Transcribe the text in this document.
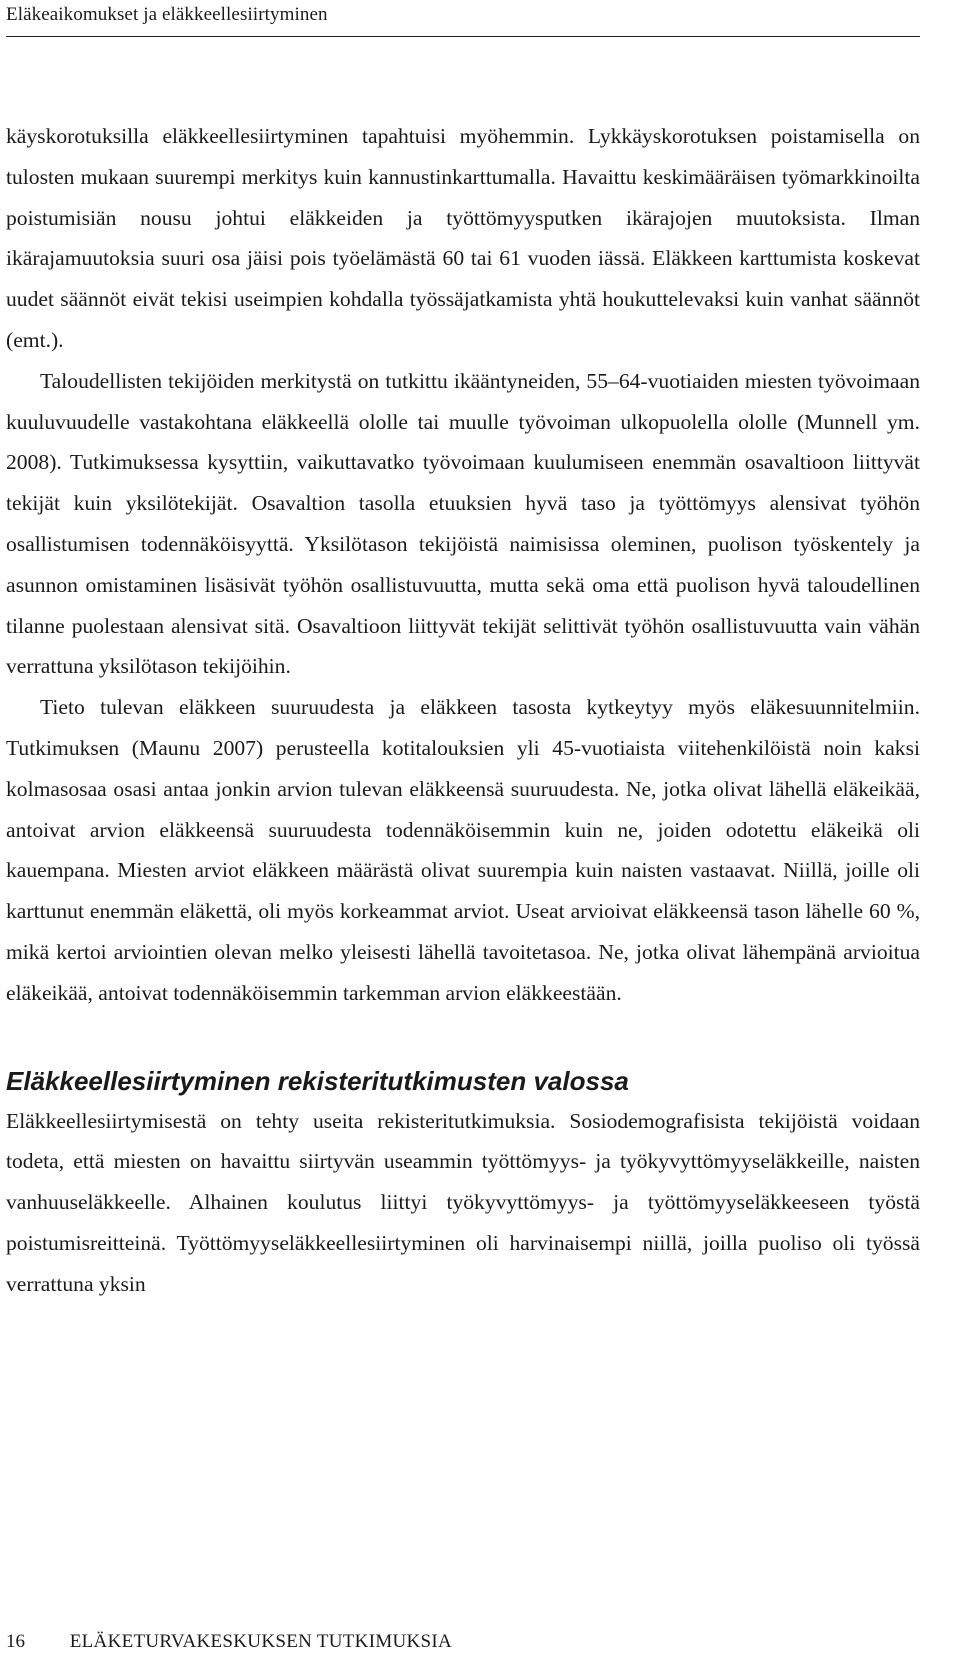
Eläkeaikomukset ja eläkkeellesiirtyminen

käyskorotuksilla eläkkeellesiirtyminen tapahtuisi myöhemmin. Lykkäyskorotuksen poistamisella on tulosten mukaan suurempi merkitys kuin kannustinkarttumalla. Havaittu keskimääräisen työmarkkinoilta poistumisiän nousu johtui eläkkeiden ja työttömyysputken ikärajojen muutoksista. Ilman ikärajamuutoksia suuri osa jäisi pois työelämästä 60 tai 61 vuoden iässä. Eläkkeen karttumista koskevat uudet säännöt eivät tekisi useimpien kohdalla työssäjatkamista yhtä houkuttelevaksi kuin vanhat säännöt (emt.).

Taloudellisten tekijöiden merkitystä on tutkittu ikääntyneiden, 55–64-vuotiaiden miesten työvoimaan kuuluvuudelle vastakohtana eläkkeellä ololle tai muulle työvoiman ulkopuolella ololle (Munnell ym. 2008). Tutkimuksessa kysyttiin, vaikuttavatko työvoimaan kuulumiseen enemmän osavaltioon liittyvät tekijät kuin yksilötekijät. Osavaltion tasolla etuuksien hyvä taso ja työttömyys alensivat työhön osallistumisen todennäköisyyttä. Yksilötason tekijöistä naimisissa oleminen, puolison työskentely ja asunnon omistaminen lisäsivät työhön osallistuvuutta, mutta sekä oma että puolison hyvä taloudellinen tilanne puolestaan alensivat sitä. Osavaltioon liittyvät tekijät selittivät työhön osallistuvuutta vain vähän verrattuna yksilötason tekijöihin.

Tieto tulevan eläkkeen suuruudesta ja eläkkeen tasosta kytkeytyy myös eläkesuunnitelmiin. Tutkimuksen (Maunu 2007) perusteella kotitalouksien yli 45-vuotiaista viitehenkilöistä noin kaksi kolmasosaa osasi antaa jonkin arvion tulevan eläkkeensä suuruudesta. Ne, jotka olivat lähellä eläkeikää, antoivat arvion eläkkeensä suuruudesta todennäköisemmin kuin ne, joiden odotettu eläkeikä oli kauempana. Miesten arviot eläkkeen määrästä olivat suurempia kuin naisten vastaavat. Niillä, joille oli karttunut enemmän eläkettä, oli myös korkeammat arviot. Useat arvioivat eläkkeensä tason lähelle 60 %, mikä kertoi arviointien olevan melko yleisesti lähellä tavoitetasoa. Ne, jotka olivat lähempänä arvioitua eläkeikää, antoivat todennäköisemmin tarkemman arvion eläkkeestään.

Eläkkeellesiirtyminen rekisteritutkimusten valossa

Eläkkeellesiirtymisestä on tehty useita rekisteritutkimuksia. Sosiodemografisista tekijöistä voidaan todeta, että miesten on havaittu siirtyvän useammin työttömyys- ja työkyvyttömyyseläkkeille, naisten vanhuuseläkkeelle. Alhainen koulutus liittyi työkyvyttömyys- ja työttömyyseläkkeeseen työstä poistumisreitteinä. Työttömyyseläkkeellesiirtyminen oli harvinaisempi niillä, joilla puoliso oli työssä verrattuna yksin

16 ELÄKETURVAKESKUKSEN TUTKIMUKSIA
